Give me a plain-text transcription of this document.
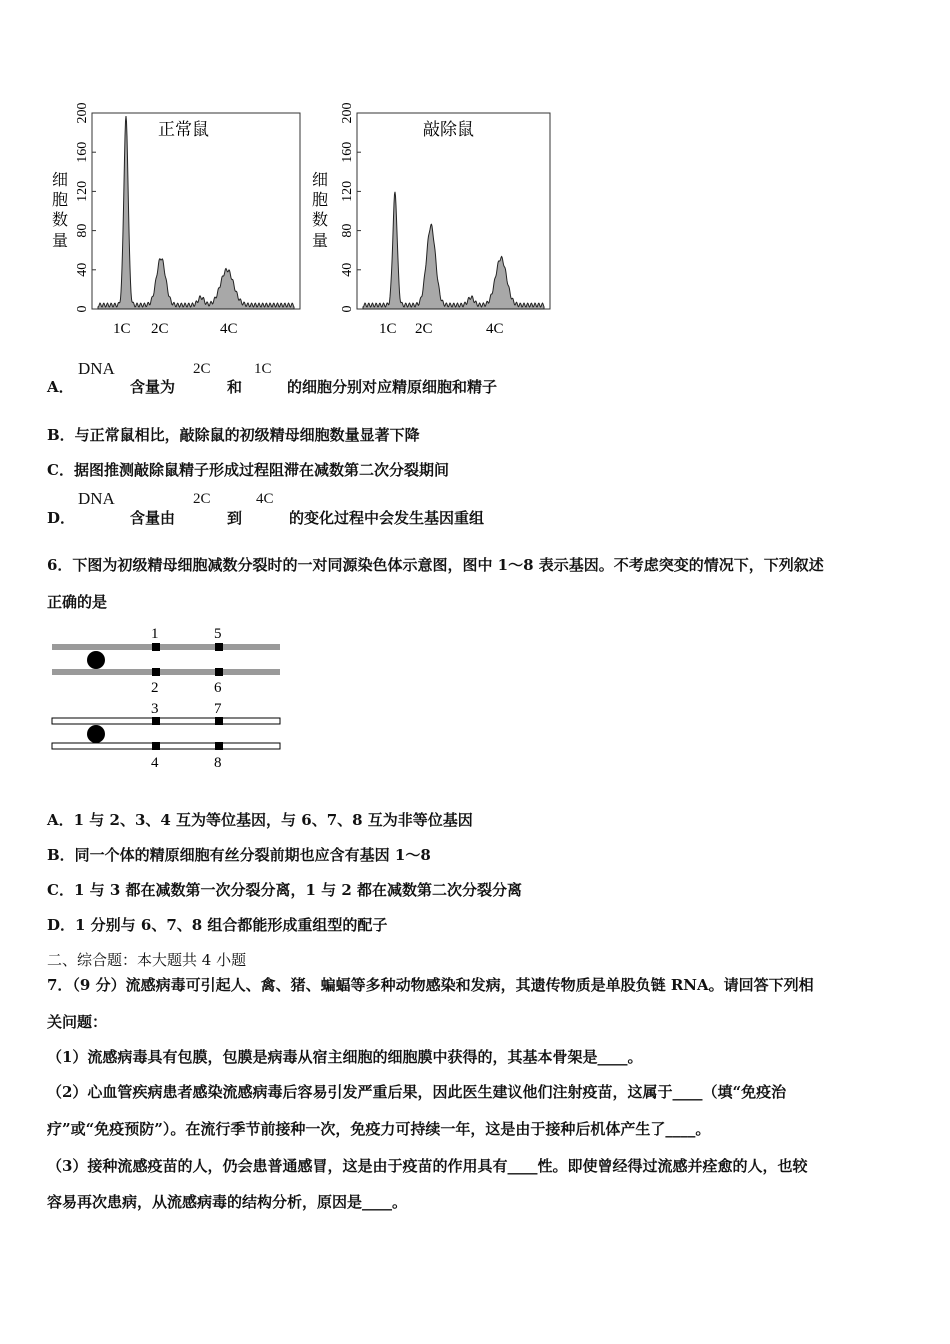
细
胞
数
量
0
40
80
120
160
200
正常鼠
1C 2C	4C
细
胞
数
量
0
40
80
120
160
200
敲除鼠
1C 2C	4C
A．
DNA
含量为
2C
和
1C
的细胞分别对应精原细胞和精子
B．与正常鼠相比，敲除鼠的初级精母细胞数量显著下降
C．据图推测敲除鼠精子形成过程阻滞在减数第二次分裂期间
D．
DNA
含量由
2C
到
4C
的变化过程中会发生基因重组
6．下图为初级精母细胞减数分裂时的一对同源染色体示意图，图中 1～8 表示基因。不考虑突变的情况下，下列叙述
正确的是
1	5
2	6
3	7
4	8
A．1 与 2、3、4 互为等位基因，与 6、7、8 互为非等位基因
B．同一个体的精原细胞有丝分裂前期也应含有基因 1～8
C．1 与 3 都在减数第一次分裂分离，1 与 2 都在减数第二次分裂分离
D．1 分别与 6、7、8 组合都能形成重组型的配子
二、综合题：本大题共 4 小题
7．（9 分）流感病毒可引起人、禽、猪、蝙蝠等多种动物感染和发病，其遗传物质是单股负链 RNA。请回答下列相
关问题：
（1）流感病毒具有包膜，包膜是病毒从宿主细胞的细胞膜中获得的，其基本骨架是____。
（2）心血管疾病患者感染流感病毒后容易引发严重后果，因此医生建议他们注射疫苗，这属于____（填“免疫治
疗”或“免疫预防”）。在流行季节前接种一次，免疫力可持续一年，这是由于接种后机体产生了____。
（3）接种流感疫苗的人，仍会患普通感冒，这是由于疫苗的作用具有____性。即使曾经得过流感并痊愈的人，也较
容易再次患病，从流感病毒的结构分析，原因是____。
